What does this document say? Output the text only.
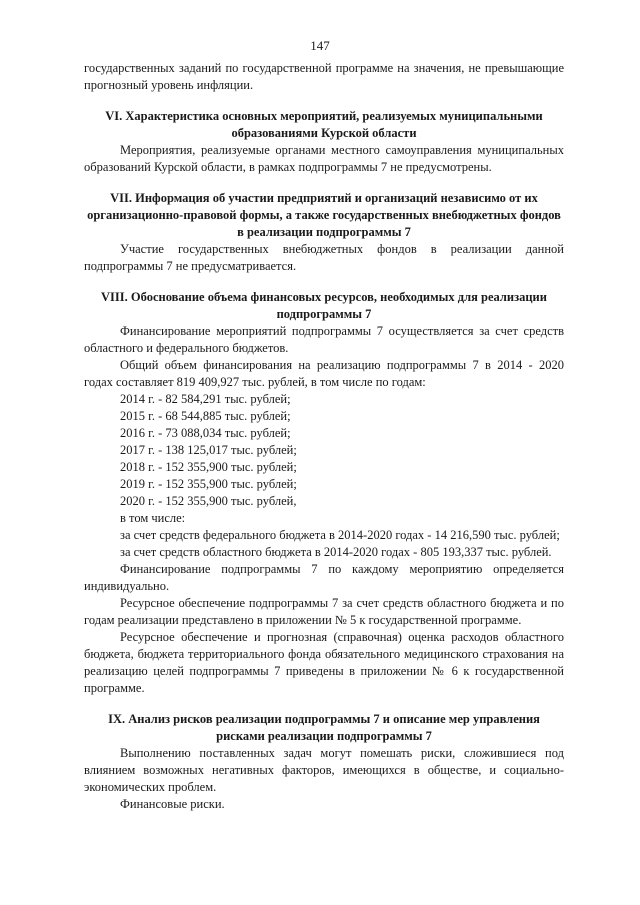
147

государственных заданий по государственной программе на значения, не превышающие прогнозный уровень инфляции.

VI. Характеристика основных мероприятий, реализуемых муниципальными образованиями Курской области

Мероприятия, реализуемые органами местного самоуправления муниципальных образований Курской области, в рамках подпрограммы 7 не предусмотрены.

VII. Информация об участии предприятий и организаций независимо от их организационно-правовой формы, а также государственных внебюджетных фондов в реализации подпрограммы 7

Участие государственных внебюджетных фондов в реализации данной подпрограммы 7 не предусматривается.

VIII. Обоснование объема финансовых ресурсов, необходимых для реализации подпрограммы 7

Финансирование мероприятий подпрограммы 7 осуществляется за счет средств областного и федерального бюджетов.

Общий объем финансирования на реализацию подпрограммы 7 в 2014 - 2020 годах составляет 819 409,927 тыс. рублей, в том числе по годам:

2014 г. - 82 584,291 тыс. рублей;

2015 г. - 68 544,885 тыс. рублей;

2016 г. - 73 088,034 тыс. рублей;

2017 г. - 138 125,017 тыс. рублей;

2018 г. - 152 355,900 тыс. рублей;

2019 г. - 152 355,900 тыс. рублей;

2020 г. - 152 355,900 тыс. рублей,

в том числе:

за счет средств федерального бюджета в 2014-2020 годах - 14 216,590 тыс. рублей;

за счет средств областного бюджета в 2014-2020 годах - 805 193,337 тыс. рублей.

Финансирование подпрограммы 7 по каждому мероприятию определяется индивидуально.

Ресурсное обеспечение подпрограммы 7 за счет средств областного бюджета и по годам реализации представлено в приложении № 5 к государственной программе.

Ресурсное обеспечение и прогнозная (справочная) оценка расходов областного бюджета, бюджета территориального фонда обязательного медицинского страхования на реализацию целей подпрограммы 7 приведены в приложении № 6 к государственной программе.

IX. Анализ рисков реализации подпрограммы 7 и описание мер управления рисками реализации подпрограммы 7

Выполнению поставленных задач могут помешать риски, сложившиеся под влиянием возможных негативных факторов, имеющихся в обществе, и социально-экономических проблем.

Финансовые риски.
